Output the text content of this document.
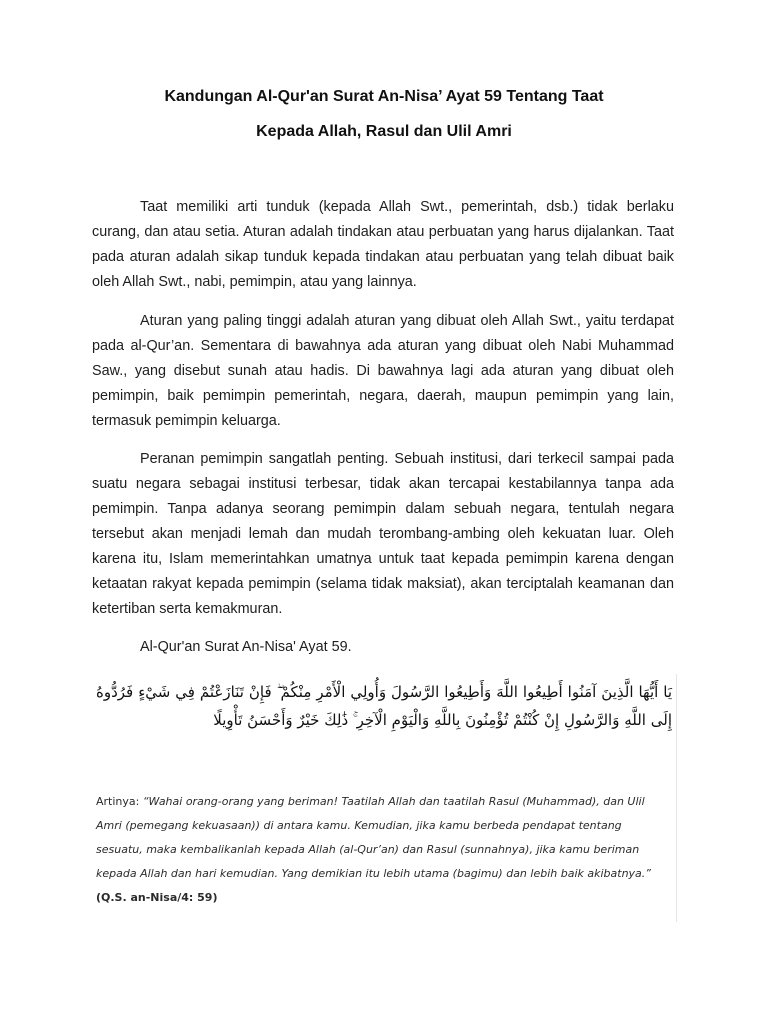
Kandungan Al-Qur'an Surat An-Nisa’ Ayat 59 Tentang Taat
Kepada Allah, Rasul dan Ulil Amri

Taat memiliki arti tunduk (kepada Allah Swt., pemerintah, dsb.) tidak berlaku curang, dan atau setia. Aturan adalah tindakan atau perbuatan yang harus dijalankan. Taat pada aturan adalah sikap tunduk kepada tindakan atau perbuatan yang telah dibuat baik oleh Allah Swt., nabi, pemimpin, atau yang lainnya.

Aturan yang paling tinggi adalah aturan yang dibuat oleh Allah Swt., yaitu terdapat pada al-Qur’an. Sementara di bawahnya ada aturan yang dibuat oleh Nabi Muhammad Saw., yang disebut sunah atau hadis. Di bawahnya lagi ada aturan yang dibuat oleh pemimpin, baik pemimpin pemerintah, negara, daerah, maupun pemimpin yang lain, termasuk pemimpin keluarga.

Peranan pemimpin sangatlah penting. Sebuah institusi, dari terkecil sampai pada suatu negara sebagai institusi terbesar, tidak akan tercapai kestabilannya tanpa ada pemimpin. Tanpa adanya seorang pemimpin dalam sebuah negara, tentulah negara tersebut akan menjadi lemah dan mudah terombang-ambing oleh kekuatan luar. Oleh karena itu, Islam memerintahkan umatnya untuk taat kepada pemimpin karena dengan ketaatan rakyat kepada pemimpin (selama tidak maksiat), akan terciptalah keamanan dan ketertiban serta kemakmuran.

Al-Qur'an Surat An-Nisa' Ayat 59.

يَا أَيُّهَا الَّذِينَ آمَنُوا أَطِيعُوا اللَّهَ وَأَطِيعُوا الرَّسُولَ وَأُولِي الْأَمْرِ مِنْكُمْ ۖ فَإِنْ تَنَازَعْتُمْ فِي شَيْءٍ فَرُدُّوهُ إِلَى اللَّهِ وَالرَّسُولِ إِنْ كُنْتُمْ تُؤْمِنُونَ بِاللَّهِ وَالْيَوْمِ الْآخِرِ ۚ ذَٰلِكَ خَيْرٌ وَأَحْسَنُ تَأْوِيلًا
Artinya: “Wahai orang-orang yang beriman! Taatilah Allah dan taatilah Rasul (Muhammad), dan Ulil Amri (pemegang kekuasaan)) di antara kamu. Kemudian, jika kamu berbeda pendapat tentang sesuatu, maka kembalikanlah kepada Allah (al-Qur’an) dan Rasul (sunnahnya), jika kamu beriman kepada Allah dan hari kemudian. Yang demikian itu lebih utama (bagimu) dan lebih baik akibatnya.” (Q.S. an-Nisa/4: 59)
